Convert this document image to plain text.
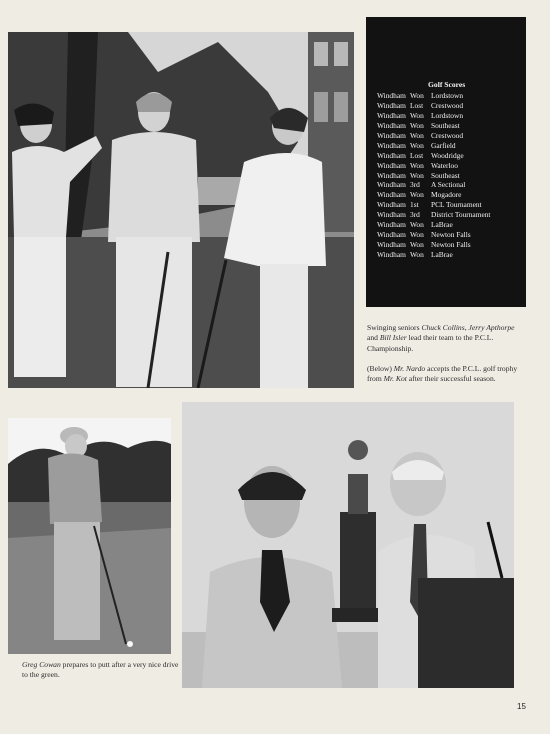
Golf Scores
Windham Won Lordstown
Windham Lost	Crestwood
Windham Won Lordstown
Windham Won Southeast
Windham Won Crestwood
Windham Won Garfield
Windham Lost	Woodridge
Windham Won Waterloo
Windham Won Southeast
Windham 3rd	A Sectional
Windham Won Mogadore
Windham 1st	PCL Tournament
Windham 3rd	District Tournament
Windham Won LaBrae
Windham Won Newton Falls
Windham Won Newton Falls
Windham Won LaBrae
Swinging seniors Chuck Collins, Jerry Apthorpe and Bill Isler lead their team to the P.C.L. Championship.
(Below) Mr. Nardo accepts the P.C.L. golf trophy from Mr. Kot after their successful season.
Greg Cowan prepares to putt after a very nice drive to the green.
15
